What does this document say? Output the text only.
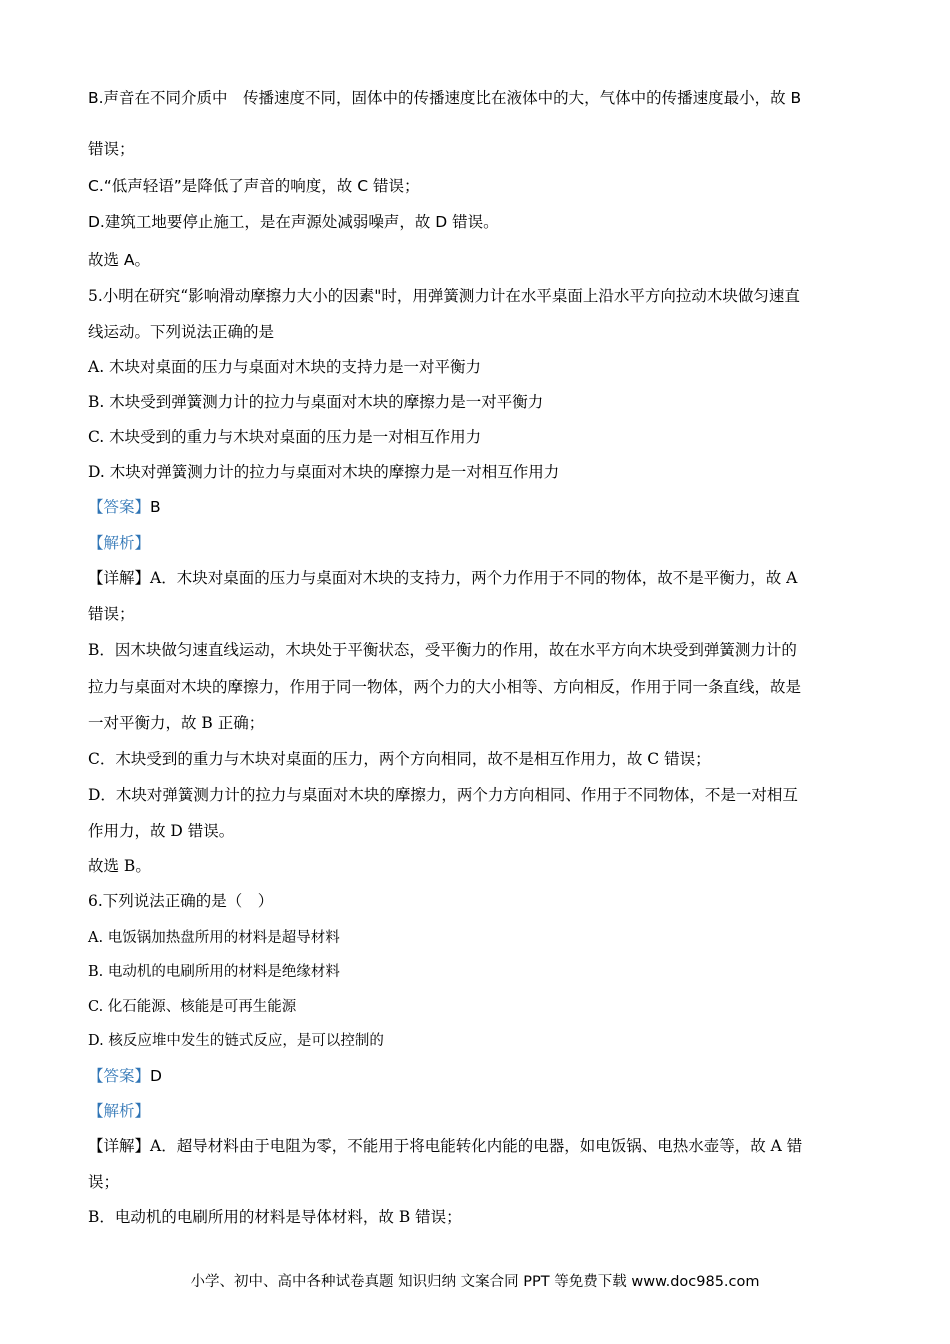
B.声音在不同介质中　传播速度不同，固体中的传播速度比在液体中的大，气体中的传播速度最小，故 B
错误；
C.“低声轻语”是降低了声音的响度，故 C 错误；
D.建筑工地要停止施工，是在声源处减弱噪声，故 D 错误。
故选 A。
5.小明在研究“影响滑动摩擦力大小的因素"时，用弹簧测力计在水平桌面上沿水平方向拉动木块做匀速直
线运动。下列说法正确的是
A. 木块对桌面的压力与桌面对木块的支持力是一对平衡力
B. 木块受到弹簧测力计的拉力与桌面对木块的摩擦力是一对平衡力
C. 木块受到的重力与木块对桌面的压力是一对相互作用力
D. 木块对弹簧测力计的拉力与桌面对木块的摩擦力是一对相互作用力
【答案】B
【解析】
【详解】A．木块对桌面的压力与桌面对木块的支持力，两个力作用于不同的物体，故不是平衡力，故 A
错误；
B．因木块做匀速直线运动，木块处于平衡状态，受平衡力的作用，故在水平方向木块受到弹簧测力计的
拉力与桌面对木块的摩擦力，作用于同一物体，两个力的大小相等、方向相反，作用于同一条直线，故是
一对平衡力，故 B 正确；
C．木块受到的重力与木块对桌面的压力，两个方向相同，故不是相互作用力，故 C 错误；
D．木块对弹簧测力计的拉力与桌面对木块的摩擦力，两个力方向相同、作用于不同物体，不是一对相互
作用力，故 D 错误。
故选 B。
6.下列说法正确的是（　）
A. 电饭锅加热盘所用的材料是超导材料
B. 电动机的电刷所用的材料是绝缘材料
C. 化石能源、核能是可再生能源
D. 核反应堆中发生的链式反应，是可以控制的
【答案】D
【解析】
【详解】A．超导材料由于电阻为零，不能用于将电能转化内能的电器，如电饭锅、电热水壶等，故 A 错
误；
B．电动机的电刷所用的材料是导体材料，故 B 错误；
小学、初中、高中各种试卷真题 知识归纳 文案合同 PPT 等免费下载 www.doc985.com
